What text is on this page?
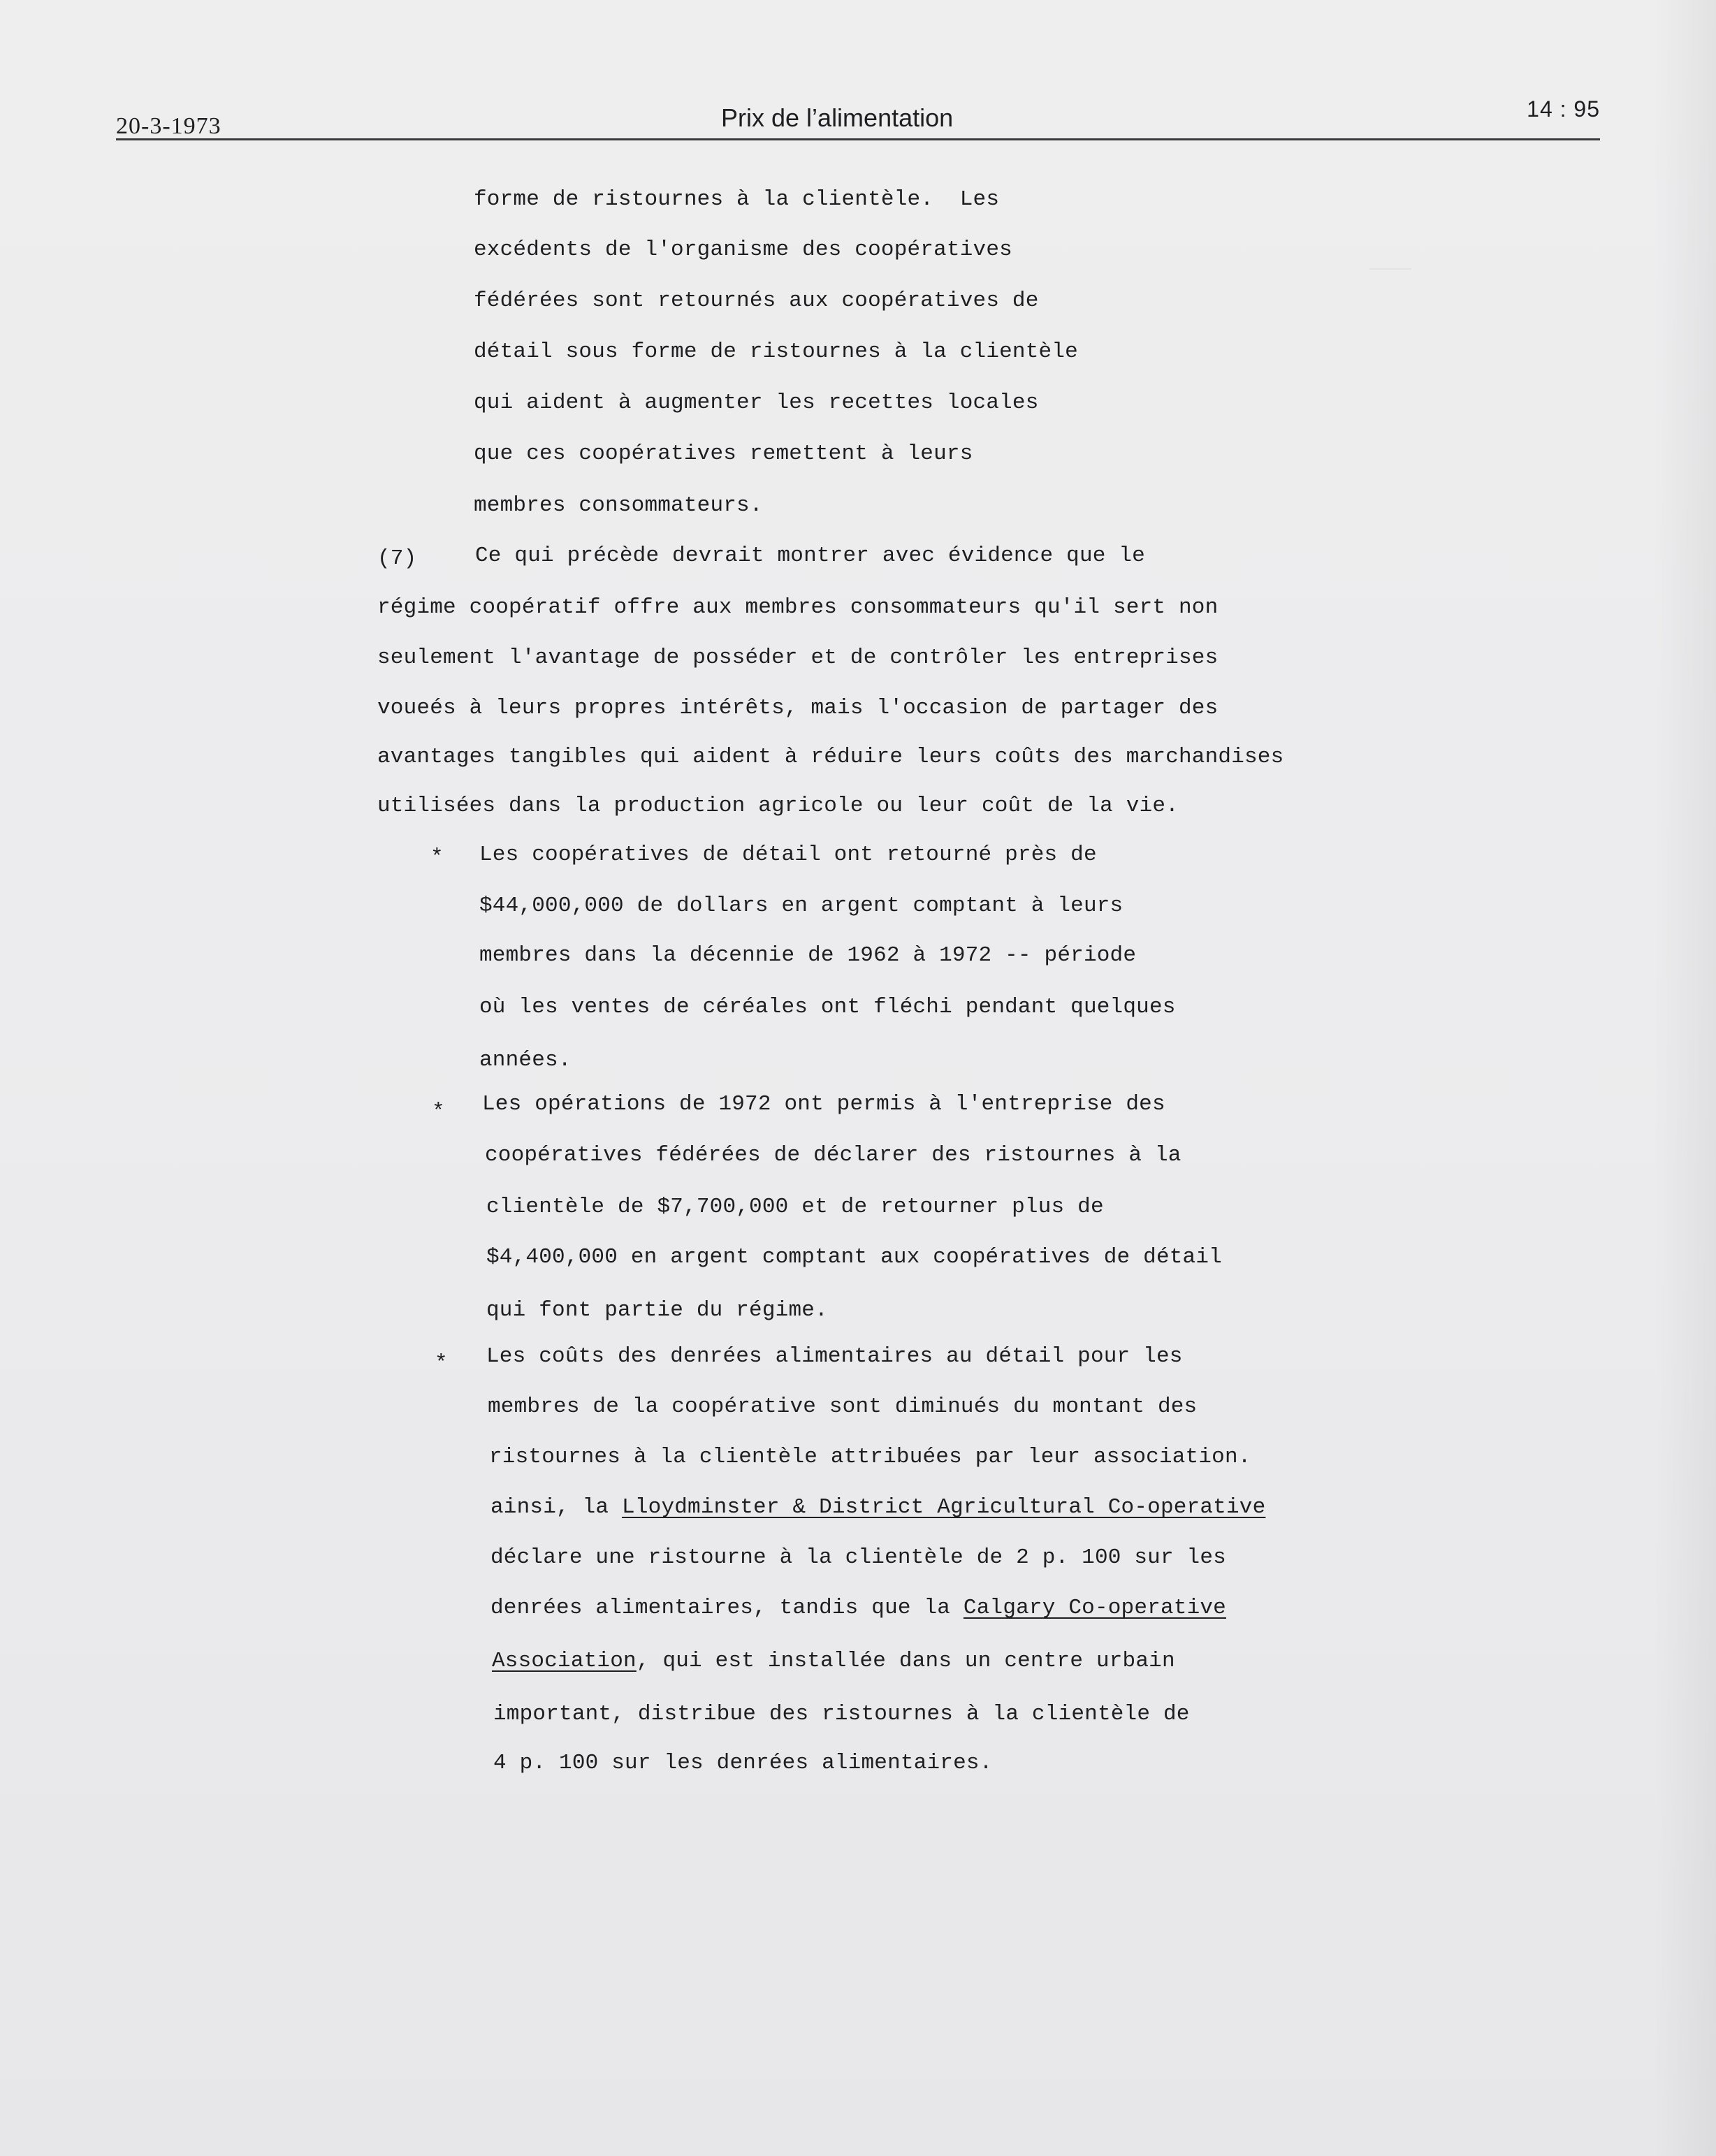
20-3-1973	Prix de l’alimentation	14 : 95
forme de ristournes à la clientèle.  Les
excédents de l'organisme des coopératives
fédérées sont retournés aux coopératives de
détail sous forme de ristournes à la clientèle
qui aident à augmenter les recettes locales
que ces coopératives remettent à leurs
membres consommateurs.
(7)	Ce qui précède devrait montrer avec évidence que le
régime coopératif offre aux membres consommateurs qu'il sert non
seulement l'avantage de posséder et de contrôler les entreprises
voueés à leurs propres intérêts, mais l'occasion de partager des
avantages tangibles qui aident à réduire leurs coûts des marchandises
utilisées dans la production agricole ou leur coût de la vie.
* Les coopératives de détail ont retourné près de
$44,000,000 de dollars en argent comptant à leurs
membres dans la décennie de 1962 à 1972 -- période
où les ventes de céréales ont fléchi pendant quelques
années.
* Les opérations de 1972 ont permis à l'entreprise des
coopératives fédérées de déclarer des ristournes à la
clientèle de $7,700,000 et de retourner plus de
$4,400,000 en argent comptant aux coopératives de détail
qui font partie du régime.
* Les coûts des denrées alimentaires au détail pour les
membres de la coopérative sont diminués du montant des
ristournes à la clientèle attribuées par leur association.
ainsi, la Lloydminster & District Agricultural Co-operative
déclare une ristourne à la clientèle de 2 p. 100 sur les
denrées alimentaires, tandis que la Calgary Co-operative
Association, qui est installée dans un centre urbain
important, distribue des ristournes à la clientèle de
4 p. 100 sur les denrées alimentaires.
